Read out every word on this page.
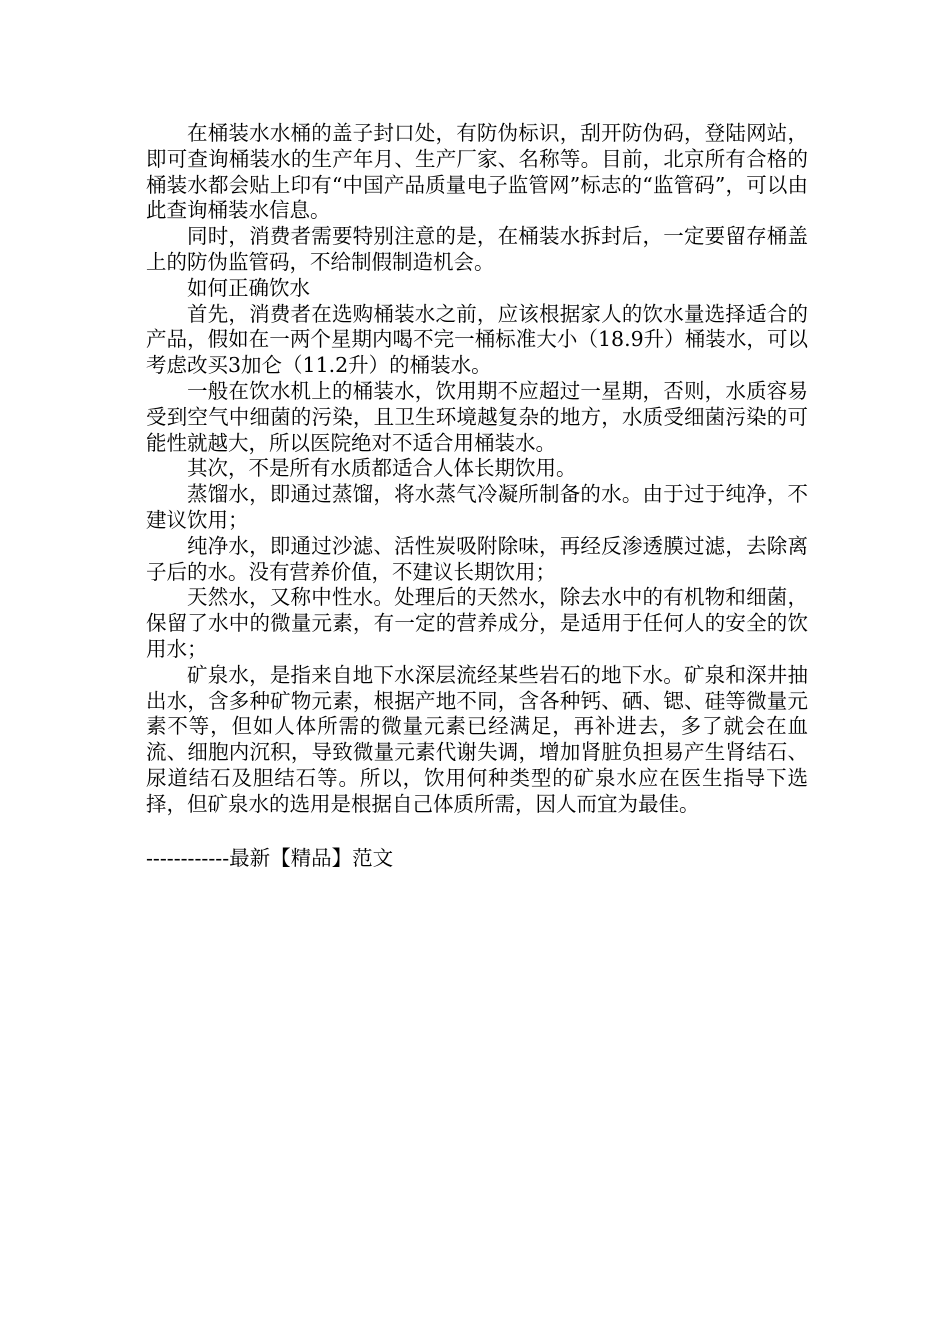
在桶装水水桶的盖子封口处，有防伪标识，刮开防伪码，登陆网站，即可查询桶装水的生产年月、生产厂家、名称等。目前，北京所有合格的桶装水都会贴上印有“中国产品质量电子监管网”标志的“监管码”，可以由此查询桶装水信息。

同时，消费者需要特别注意的是，在桶装水拆封后，一定要留存桶盖上的防伪监管码，不给制假制造机会。

如何正确饮水

首先，消费者在选购桶装水之前，应该根据家人的饮水量选择适合的产品，假如在一两个星期内喝不完一桶标准大小（18.9升）桶装水，可以考虑改买3加仑（11.2升）的桶装水。

一般在饮水机上的桶装水，饮用期不应超过一星期，否则，水质容易受到空气中细菌的污染，且卫生环境越复杂的地方，水质受细菌污染的可能性就越大，所以医院绝对不适合用桶装水。

其次，不是所有水质都适合人体长期饮用。

蒸馏水，即通过蒸馏，将水蒸气冷凝所制备的水。由于过于纯净，不建议饮用；

纯净水，即通过沙滤、活性炭吸附除味，再经反渗透膜过滤，去除离子后的水。没有营养价值，不建议长期饮用；

天然水，又称中性水。处理后的天然水，除去水中的有机物和细菌，保留了水中的微量元素，有一定的营养成分，是适用于任何人的安全的饮用水；

矿泉水，是指来自地下水深层流经某些岩石的地下水。矿泉和深井抽出水，含多种矿物元素，根据产地不同，含各种钙、硒、锶、硅等微量元素不等，但如人体所需的微量元素已经满足，再补进去，多了就会在血流、细胞内沉积，导致微量元素代谢失调，增加肾脏负担易产生肾结石、尿道结石及胆结石等。所以，饮用何种类型的矿泉水应在医生指导下选择，但矿泉水的选用是根据自己体质所需，因人而宜为最佳。

------------最新【精品】范文
